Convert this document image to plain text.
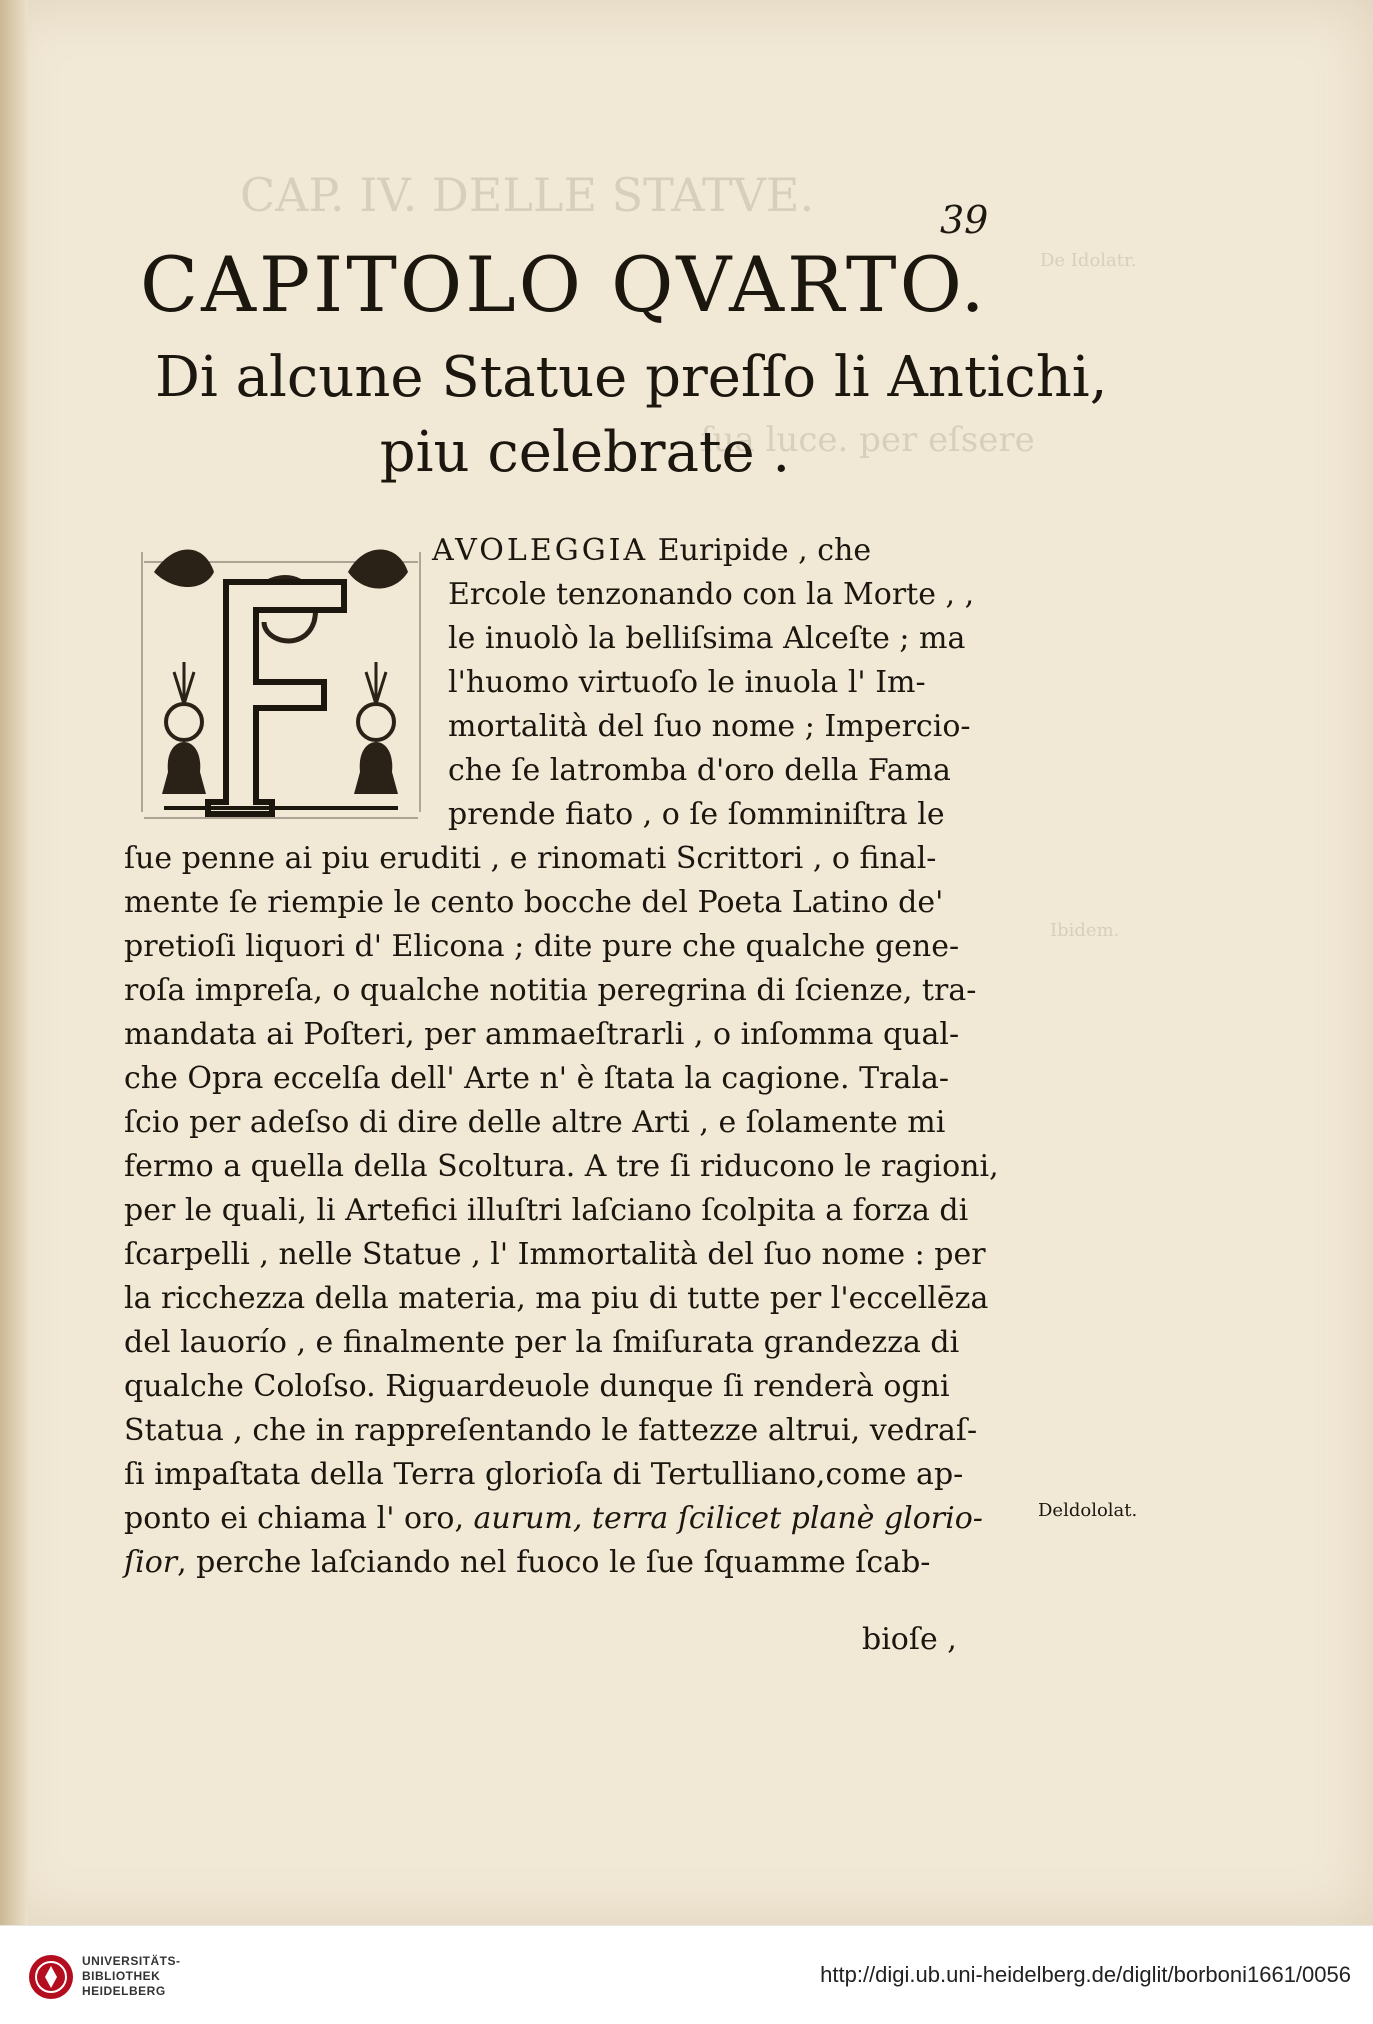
CAP. IV. DELLE STATVE.
ſua luce. per eſsere
De Idolatr.
Ibidem.
39
CAPITOLO QVARTO.
Di alcune Statue preſſo li Antichi,
piu celebrate .
AVOLEGGIA Euripide , che
Ercole tenzonando con la Morte , ,
le inuolò la belliſsima Alceſte ; ma
l'huomo virtuoſo le inuola l' Im-
mortalità del ſuo nome ; Impercio-
che ſe latromba d'oro della Fama
prende fiato , o ſe ſomminiſtra le
ſue penne ai piu eruditi , e rinomati Scrittori , o final-
mente ſe riempie le cento bocche del Poeta Latino de'
pretioſi liquori d' Elicona ; dite pure che qualche gene-
roſa impreſa, o qualche notitia peregrina di ſcienze, tra-
mandata ai Poſteri, per ammaeſtrarli , o inſomma qual-
che Opra eccelſa dell' Arte n' è ſtata la cagione. Trala-
ſcio per adeſso di dire delle altre Arti , e ſolamente mi
fermo a quella della Scoltura. A tre ſi riducono le ragioni,
per le quali, li Artefici illuſtri laſciano ſcolpita a forza di
ſcarpelli , nelle Statue , l' Immortalità del ſuo nome : per
la ricchezza della materia, ma piu di tutte per l'eccellēza
del lauorío , e finalmente per la ſmiſurata grandezza di
qualche Coloſso. Riguardeuole dunque ſi renderà ogni
Statua , che in rappreſentando le fattezze altrui, vedraſ-
ſi impaſtata della Terra glorioſa di Tertulliano,come ap-
ponto ei chiama l' oro, aurum, terra ſcilicet planè glorio-
ſior, perche laſciando nel fuoco le ſue ſquamme ſcab-
bioſe ,
Deldololat.
UNIVERSITÄTS-
BIBLIOTHEK
HEIDELBERG
http://digi.ub.uni-heidelberg.de/diglit/borboni1661/0056
